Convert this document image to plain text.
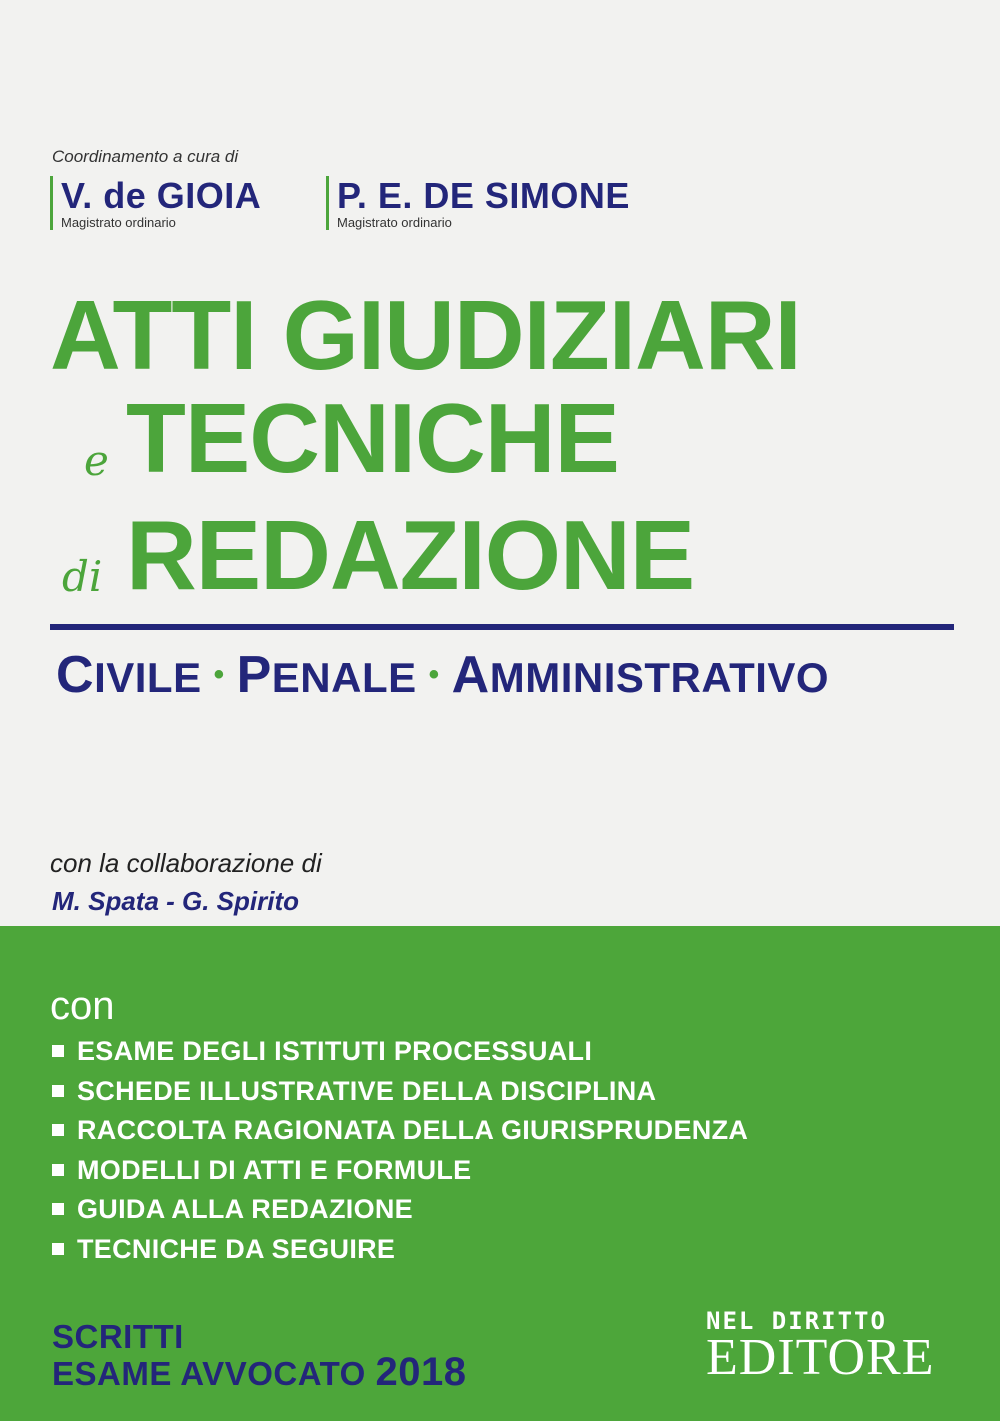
Coordinamento a cura di
V. de GIOIA
Magistrato ordinario
P. E. DE SIMONE
Magistrato ordinario
ATTI GIUDIZIARI
e TECNICHE
di REDAZIONE
CIVILE • PENALE • AMMINISTRATIVO
con la collaborazione di
M. Spata - G. Spirito
con
ESAME DEGLI ISTITUTI PROCESSUALI
SCHEDE ILLUSTRATIVE DELLA DISCIPLINA
RACCOLTA RAGIONATA DELLA GIURISPRUDENZA
MODELLI DI ATTI E FORMULE
GUIDA ALLA REDAZIONE
TECNICHE DA SEGUIRE
SCRITTI
ESAME AVVOCATO 2018
NEL DIRITTO
EDITORE
